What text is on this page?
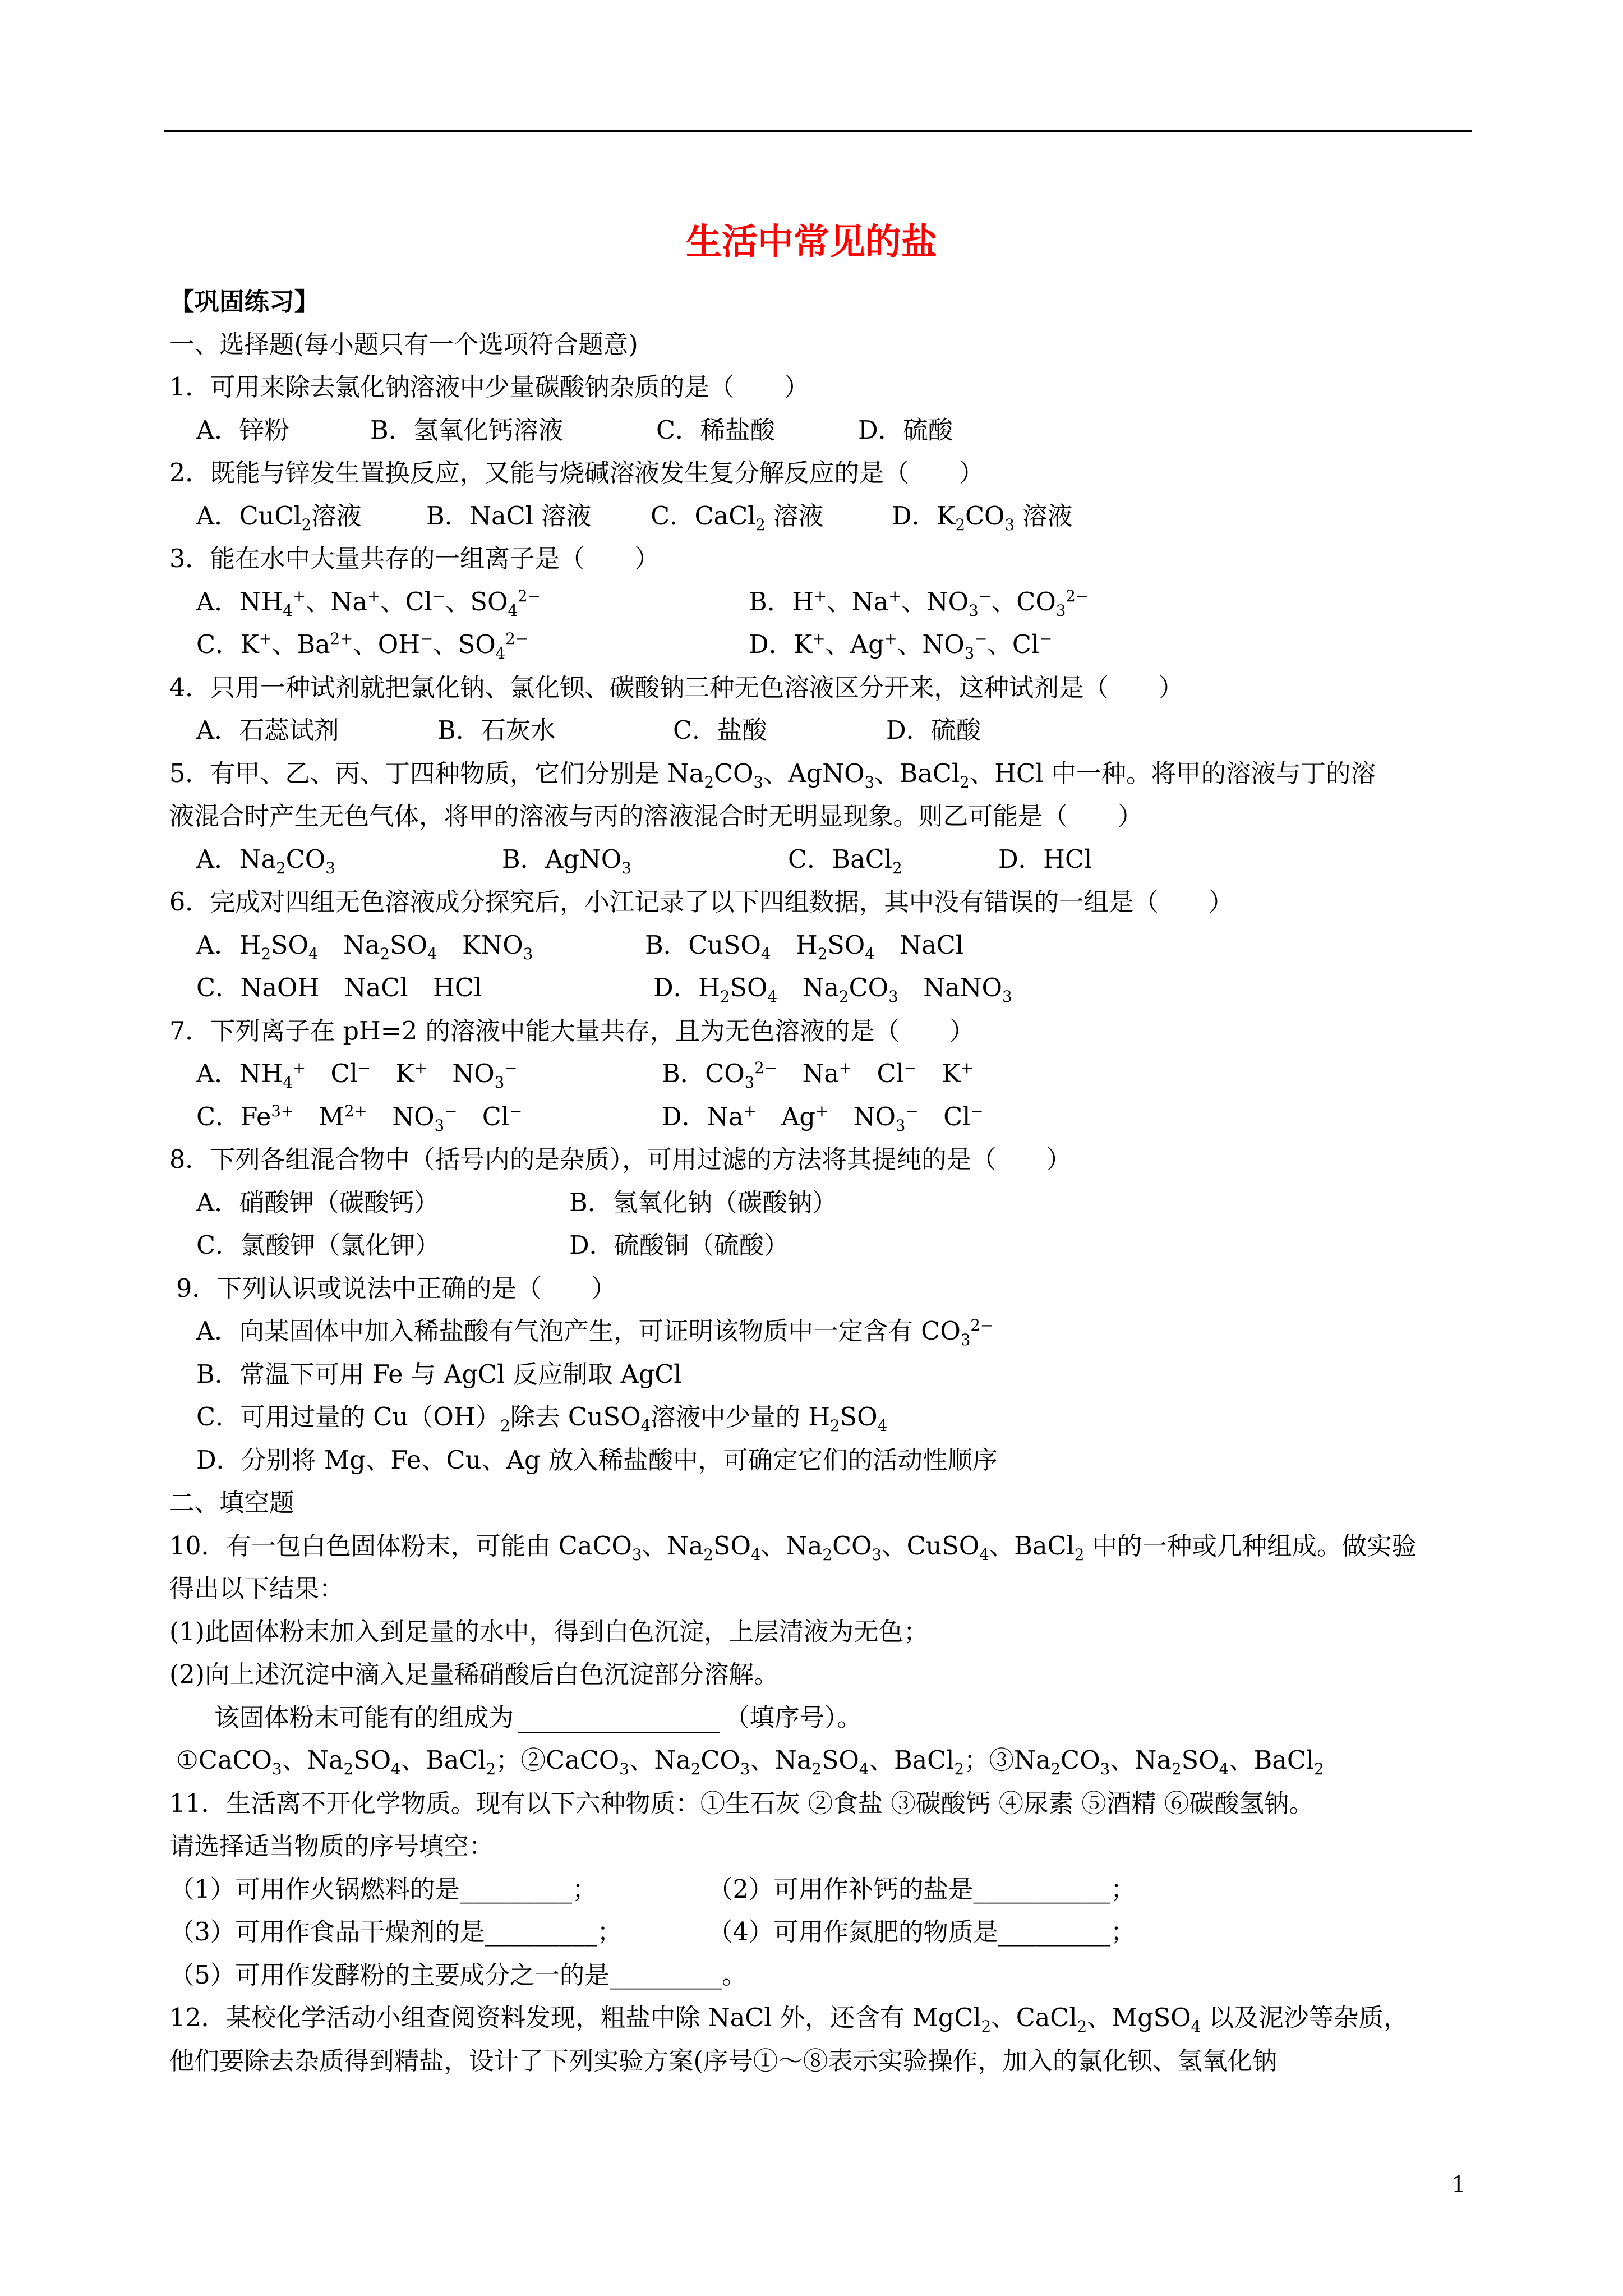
生活中常见的盐
【巩固练习】
一、选择题(每小题只有一个选项符合题意)
1．可用来除去氯化钠溶液中少量碳酸钠杂质的是（　　）
A．锌粉	B．氢氧化钙溶液	C．稀盐酸	D．硫酸
2．既能与锌发生置换反应，又能与烧碱溶液发生复分解反应的是（　　）
A．CuCl$_2$溶液	B．NaCl 溶液 C．CaCl$_2$ 溶液	D．$K_2CO_3$ 溶液
3．能在水中大量共存的一组离子是（　　）
A．$NH_4^+$、Na+、Cl−、$SO_4^{2-}$	B．H+、Na+、$NO_3^-$、$CO_3^{2-}$
C．K+、$Ba^{2+}$、OH−、$SO_4^{2-}$	D．K+、Ag+、$NO_3^-$、Cl−
4．只用一种试剂就把氯化钠、氯化钡、碳酸钠三种无色溶液区分开来，这种试剂是（　　）
A．石蕊试剂	B．石灰水	C．盐酸	D．硫酸
5．有甲、乙、丙、丁四种物质，它们分别是 $Na_2CO_3$、AgNO$_3$、BaCl$_2$、HCl 中一种。将甲的溶液与丁的溶
液混合时产生无色气体，将甲的溶液与丙的溶液混合时无明显现象。则乙可能是（　　）
A．$Na_2CO_3$	B．AgNO$_3$	C．BaCl$_2$	D．HCl
6．完成对四组无色溶液成分探究后，小江记录了以下四组数据，其中没有错误的一组是（　　）
A．$H_2SO_4$　$Na_2SO_4$　$KNO_3$	B．CuSO$_4$　$H_2SO_4$　NaCl
C．NaOH　NaCl　HCl	D．$H_2SO_4$　$Na_2CO_3$　NaNO$_3$
7．下列离子在 pH=2 的溶液中能大量共存，且为无色溶液的是（　　）
A．$NH_4^+$　Cl−　K+　$NO_3^-$	B．$CO_3^{2-}$　Na+　Cl−　K+
C．$Fe^{3+}$　$M^{2+}$　$NO_3^-$　Cl−	D．Na+　Ag+　$NO_3^-$　Cl−
8．下列各组混合物中（括号内的是杂质），可用过滤的方法将其提纯的是（　　）
A．硝酸钾（碳酸钙）	B．氢氧化钠（碳酸钠）
C．氯酸钾（氯化钾）	D．硫酸铜（硫酸）
9．下列认识或说法中正确的是（　　）
A．向某固体中加入稀盐酸有气泡产生，可证明该物质中一定含有 $CO_3^{2-}$
B．常温下可用 Fe 与 AgCl 反应制取 AgCl
C．可用过量的 $Cu(OH)_2$除去 CuSO$_4$溶液中少量的 $H_2SO_4$
D．分别将 Mg、Fe、Cu、Ag 放入稀盐酸中，可确定它们的活动性顺序
二、填空题
10．有一包白色固体粉末，可能由 CaCO$_3$、$Na_2SO_4$、$Na_2CO_3$、CuSO$_4$、BaCl$_2$ 中的一种或几种组成。做实验
得出以下结果：
(1)此固体粉末加入到足量的水中，得到白色沉淀，上层清液为无色；
(2)向上述沉淀中滴入足量稀硝酸后白色沉淀部分溶解。
该固体粉末可能有的组成为	（填序号）。
①CaCO$_3$、$Na_2SO_4$、BaCl$_2$；②CaCO$_3$、$Na_2CO_3$、$Na_2SO_4$、BaCl$_2$；$③Na_2CO_3$、$Na_2SO_4$、BaCl$_2$
11．生活离不开化学物质。现有以下六种物质：①生石灰 ②食盐 ③碳酸钙 ④尿素 ⑤酒精 ⑥碳酸氢钠。
请选择适当物质的序号填空：
（1）可用作火锅燃料的是_________；	（2）可用作补钙的盐是___________；
（3）可用作食品干燥剂的是_________；	（4）可用作氮肥的物质是_________；
（5）可用作发酵粉的主要成分之一的是_________。
12．某校化学活动小组查阅资料发现，粗盐中除 NaCl 外，还含有 MgCl$_2$、CaCl$_2$、MgSO$_4$ 以及泥沙等杂质，
他们要除去杂质得到精盐，设计了下列实验方案(序号①～⑧表示实验操作，加入的氯化钡、氢氧化钠
1
